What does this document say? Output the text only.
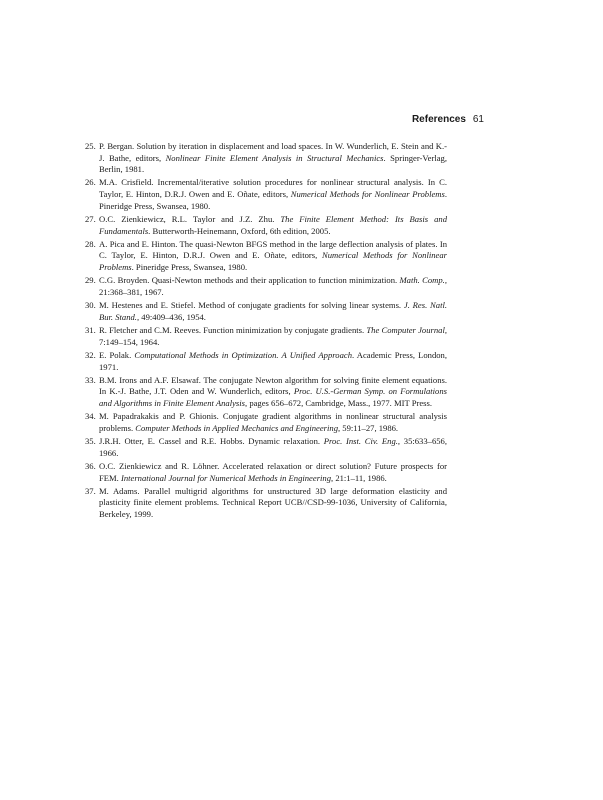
References 61
25. P. Bergan. Solution by iteration in displacement and load spaces. In W. Wunderlich, E. Stein and K.-J. Bathe, editors, Nonlinear Finite Element Analysis in Structural Mechanics. Springer-Verlag, Berlin, 1981.
26. M.A. Crisfield. Incremental/iterative solution procedures for nonlinear structural analysis. In C. Taylor, E. Hinton, D.R.J. Owen and E. Oñate, editors, Numerical Methods for Nonlinear Problems. Pineridge Press, Swansea, 1980.
27. O.C. Zienkiewicz, R.L. Taylor and J.Z. Zhu. The Finite Element Method: Its Basis and Fundamentals. Butterworth-Heinemann, Oxford, 6th edition, 2005.
28. A. Pica and E. Hinton. The quasi-Newton BFGS method in the large deflection analysis of plates. In C. Taylor, E. Hinton, D.R.J. Owen and E. Oñate, editors, Numerical Methods for Nonlinear Problems. Pineridge Press, Swansea, 1980.
29. C.G. Broyden. Quasi-Newton methods and their application to function minimization. Math. Comp., 21:368–381, 1967.
30. M. Hestenes and E. Stiefel. Method of conjugate gradients for solving linear systems. J. Res. Natl. Bur. Stand., 49:409–436, 1954.
31. R. Fletcher and C.M. Reeves. Function minimization by conjugate gradients. The Computer Journal, 7:149–154, 1964.
32. E. Polak. Computational Methods in Optimization. A Unified Approach. Academic Press, London, 1971.
33. B.M. Irons and A.F. Elsawaf. The conjugate Newton algorithm for solving finite element equations. In K.-J. Bathe, J.T. Oden and W. Wunderlich, editors, Proc. U.S.-German Symp. on Formulations and Algorithms in Finite Element Analysis, pages 656–672, Cambridge, Mass., 1977. MIT Press.
34. M. Papadrakakis and P. Ghionis. Conjugate gradient algorithms in nonlinear structural analysis problems. Computer Methods in Applied Mechanics and Engineering, 59:11–27, 1986.
35. J.R.H. Otter, E. Cassel and R.E. Hobbs. Dynamic relaxation. Proc. Inst. Civ. Eng., 35:633–656, 1966.
36. O.C. Zienkiewicz and R. Löhner. Accelerated relaxation or direct solution? Future prospects for FEM. International Journal for Numerical Methods in Engineering, 21:1–11, 1986.
37. M. Adams. Parallel multigrid algorithms for unstructured 3D large deformation elasticity and plasticity finite element problems. Technical Report UCB//CSD-99-1036, University of California, Berkeley, 1999.
